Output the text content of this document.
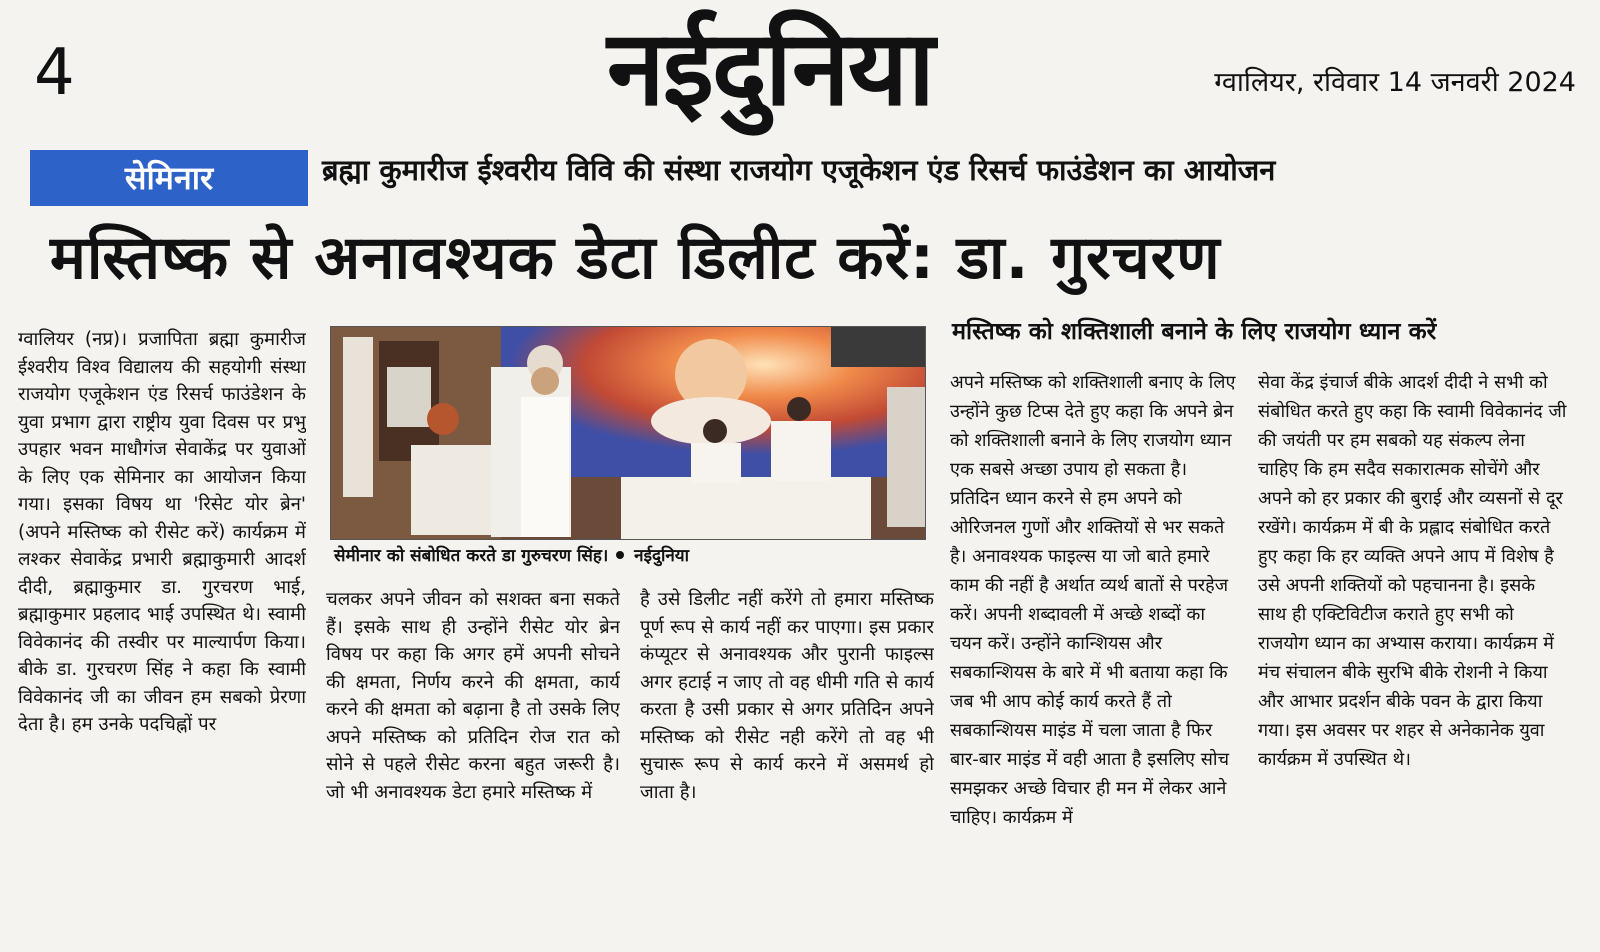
4	नईदुनिया	ग्वालियर, रविवार 14 जनवरी 2024
सेमिनार	ब्रह्मा कुमारीज ईश्वरीय विवि की संस्था राजयोग एजूकेशन एंड रिसर्च फाउंडेशन का आयोजन
मस्तिष्क से अनावश्यक डेटा डिलीट करें: डा. गुरचरण

ग्वालियर (नप्र)। प्रजापिता ब्रह्मा कुमारीज ईश्वरीय विश्व विद्यालय की सहयोगी संस्था राजयोग एजूकेशन एंड रिसर्च फाउंडेशन के युवा प्रभाग द्वारा राष्ट्रीय युवा दिवस पर प्रभु उपहार भवन माधौगंज सेवाकेंद्र पर युवाओं के लिए एक सेमिनार का आयोजन किया गया। इसका विषय था 'रिसेट योर ब्रेन' (अपने मस्तिष्क को रीसेट करें) कार्यक्रम में लश्कर सेवाकेंद्र प्रभारी ब्रह्माकुमारी आदर्श दीदी, ब्रह्माकुमार डा. गुरचरण भाई, ब्रह्माकुमार प्रहलाद भाई उपस्थित थे। स्वामी विवेकानंद की तस्वीर पर माल्यार्पण किया। बीके डा. गुरचरण सिंह ने कहा कि स्वामी विवेकानंद जी का जीवन हम सबको प्रेरणा देता है। हम उनके पदचिह्नों पर

सेमीनार को संबोधित करते डा गुरुचरण सिंह। नईदुनिया

चलकर अपने जीवन को सशक्त बना सकते हैं। इसके साथ ही उन्होंने रीसेट योर ब्रेन विषय पर कहा कि अगर हमें अपनी सोचने की क्षमता, निर्णय करने की क्षमता, कार्य करने की क्षमता को बढ़ाना है तो उसके लिए अपने मस्तिष्क को प्रतिदिन रोज रात को सोने से पहले रीसेट करना बहुत जरूरी है। जो भी अनावश्यक डेटा हमारे मस्तिष्क में

है उसे डिलीट नहीं करेंगे तो हमारा मस्तिष्क पूर्ण रूप से कार्य नहीं कर पाएगा। इस प्रकार कंप्यूटर से अनावश्यक और पुरानी फाइल्स अगर हटाई न जाए तो वह धीमी गति से कार्य करता है उसी प्रकार से अगर प्रतिदिन अपने मस्तिष्क को रीसेट नही करेंगे तो वह भी सुचारू रूप से कार्य करने में असमर्थ हो जाता है।

मस्तिष्क को शक्तिशाली बनाने के लिए राजयोग ध्यान करें

अपने मस्तिष्क को शक्तिशाली बनाए के लिए उन्होंने कुछ टिप्स देते हुए कहा कि अपने ब्रेन को शक्तिशाली बनाने के लिए राजयोग ध्यान एक सबसे अच्छा उपाय हो सकता है। प्रतिदिन ध्यान करने से हम अपने को ओरिजनल गुणों और शक्तियों से भर सकते है। अनावश्यक फाइल्स या जो बाते हमारे काम की नहीं है अर्थात व्यर्थ बातों से परहेज करें। अपनी शब्दावली में अच्छे शब्दों का चयन करें। उन्होंने कान्शियस और सबकान्शियस के बारे में भी बताया कहा कि जब भी आप कोई कार्य करते हैं तो सबकान्शियस माइंड में चला जाता है फिर बार-बार माइंड में वही आता है इसलिए सोच समझकर अच्छे विचार ही मन में लेकर आने चाहिए। कार्यक्रम में

सेवा केंद्र इंचार्ज बीके आदर्श दीदी ने सभी को संबोधित करते हुए कहा कि स्वामी विवेकानंद जी की जयंती पर हम सबको यह संकल्प लेना चाहिए कि हम सदैव सकारात्मक सोचेंगे और अपने को हर प्रकार की बुराई और व्यसनों से दूर रखेंगे। कार्यक्रम में बी के प्रह्लाद संबोधित करते हुए कहा कि हर व्यक्ति अपने आप में विशेष है उसे अपनी शक्तियों को पहचानना है। इसके साथ ही एक्टिविटीज कराते हुए सभी को राजयोग ध्यान का अभ्यास कराया। कार्यक्रम में मंच संचालन बीके सुरभि बीके रोशनी ने किया और आभार प्रदर्शन बीके पवन के द्वारा किया गया। इस अवसर पर शहर से अनेकानेक युवा कार्यक्रम में उपस्थित थे।
